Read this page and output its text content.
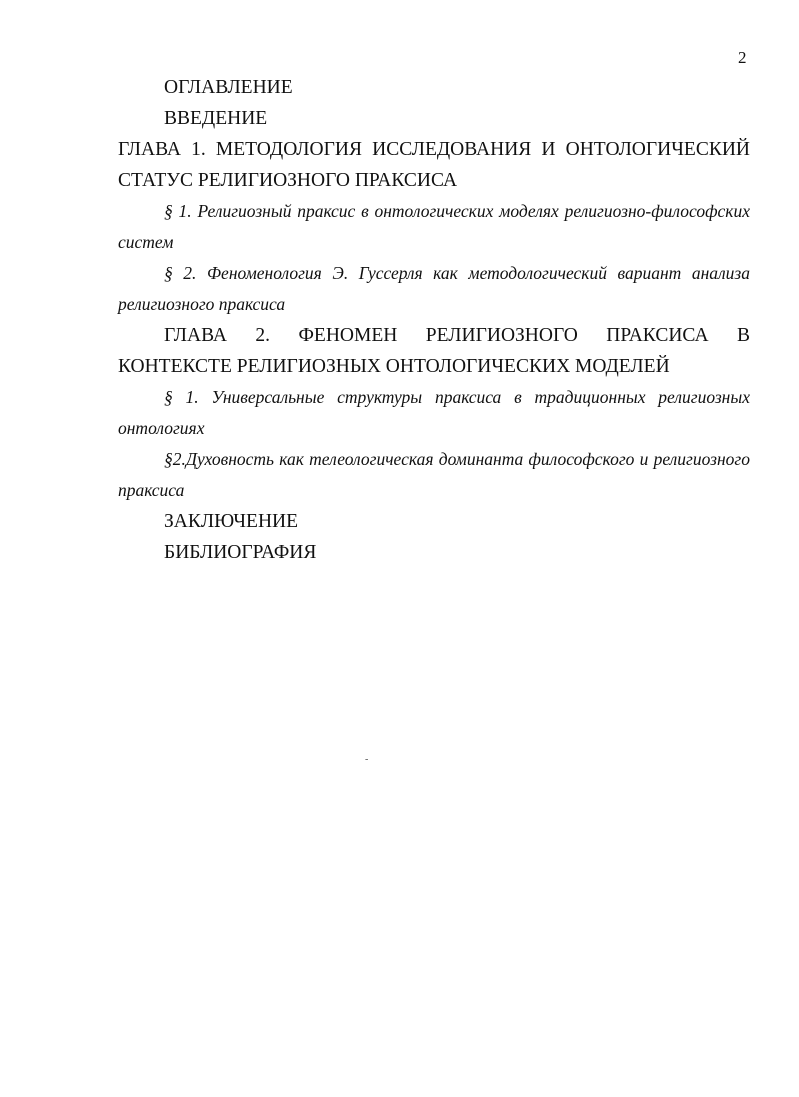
2

ОГЛАВЛЕНИЕ

ВВЕДЕНИЕ

ГЛАВА 1. МЕТОДОЛОГИЯ ИССЛЕДОВАНИЯ И ОНТОЛОГИЧЕСКИЙ СТАТУС РЕЛИГИОЗНОГО ПРАКСИСА

§ 1. Религиозный праксис в онтологических моделях религиозно-философских систем

§ 2. Феноменология Э. Гуссерля как методологический вариант анализа религиозного праксиса

ГЛАВА 2. ФЕНОМЕН РЕЛИГИОЗНОГО ПРАКСИСА В КОНТЕКСТЕ РЕЛИГИОЗНЫХ ОНТОЛОГИЧЕСКИХ МОДЕЛЕЙ

§ 1. Универсальные структуры праксиса в традиционных религиозных онтологиях

§2.Духовность как телеологическая доминанта философского и религиозного праксиса

ЗАКЛЮЧЕНИЕ

БИБЛИОГРАФИЯ

-
